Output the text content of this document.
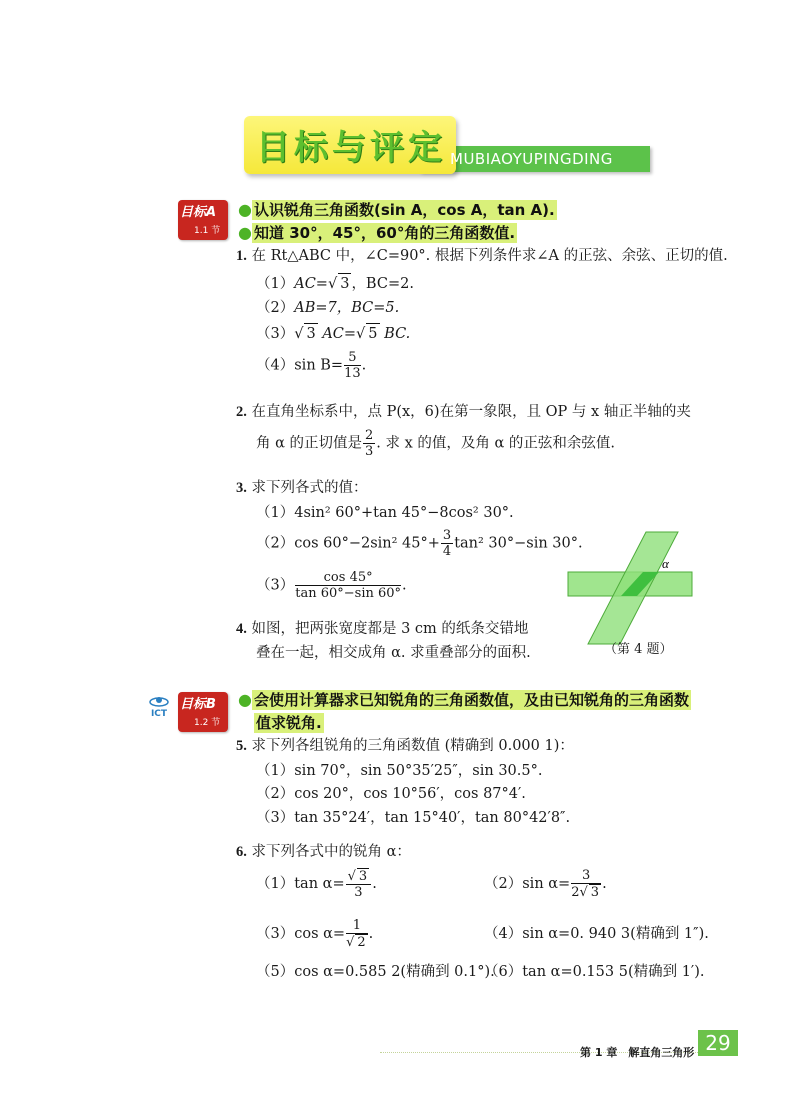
目标与评定 MUBIAOYUPINGDING
目标A
1.1 节
● 认识锐角三角函数(sin A，cos A，tan A).
● 知道 30°，45°，60°角的三角函数值.
1. 在 Rt△ABC 中，∠C=90°. 根据下列条件求∠A 的正弦、余弦、正切的值.
（1）AC=√ 3 ，BC=2.
（2）AB=7，BC=5.
（3）√ 3 AC=√ 5 BC.
（4）sin $B= \frac{5}{13}$ .
2. 在直角坐标系中，点 P(x，6)在第一象限，且 OP 与 x 轴正半轴的夹
角 α 的正切值是 $\frac{2}{3}$ . 求 x 的值，及角 α 的正弦和余弦值.
3. 求下列各式的值：
（1）4sin² 60°+tan 45°−8cos² 30°.
（2）cos 60°−2sin² $45^\circ+ \frac{3}{4} \tan^2$ 30°−sin 30°.
$(3) \frac{\cos 45^\circ}{\tan 60^\circ-\sin 60^\circ}$ .
α
（第 4 题）
4. 如图，把两张宽度都是 3 cm 的纸条交错地
叠在一起，相交成角 α. 求重叠部分的面积.
ICT
目标B
1.2 节
● 会使用计算器求已知锐角的三角函数值，及由已知锐角的三角函数
值求锐角.
5. 求下列各组锐角的三角函数值 (精确到 0.000 1)：
（1）sin 70°，sin 50°35′25″，sin 30.5°.
（2）cos 20°，cos 10°56′，cos 87°4′.
（3）tan 35°24′，tan 15°40′，tan 80°42′8″.
6. 求下列各式中的锐角 α：
（1）tan $\alpha= \frac{√ 3}{3}$ .	（2）sin $\alpha= \frac{3}{2√ 3}$ .
（3）cos $\alpha= \frac{1}{√ 2}$ .	（4）sin α=0. 940 3(精确到 1″).
（5）cos α=0.585 2(精确到 0.1°).
（6）tan α=0.153 5(精确到 1′).
第 1 章　解直角三角形 29
